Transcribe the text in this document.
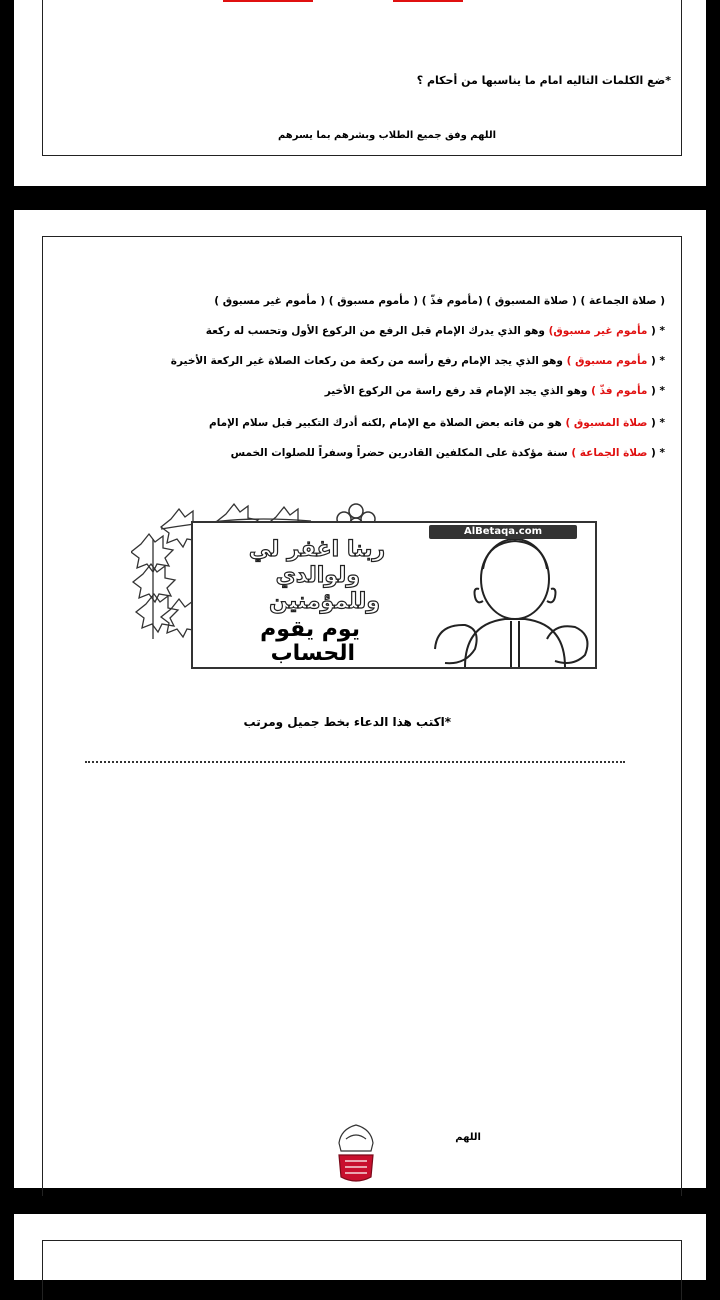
*ضع الكلمات التاليه امام ما يناسبها من أحكام ؟
اللهم وفق جميع الطلاب وبشرهم بما يسرهم
( صلاة الجماعة ) ( صلاة المسبوق ) (مأموم فذّ ) ( مأموم مسبوق ) ( مأموم غير مسبوق )
* ( مأموم غير مسبوق) وهو الذي يدرك الإمام قبل الرفع من الركوع الأول وتحسب له ركعة
* ( مأموم مسبوق ) وهو الذي يجد الإمام رفع رأسه من ركعة من ركعات الصلاة غير الركعة الأخيرة
* ( مأموم فذّ ) وهو الذي يجد الإمام قد رفع راسة من الركوع الأخير
* ( صلاة المسبوق ) هو من فاته بعض الصلاة مع الإمام ,لكنه أدرك التكبير قبل سلام الإمام
* ( صلاة الجماعة ) سنة مؤكدة على المكلفين القادرين حضراً وسفراً للصلوات الخمس
AlBetaqa.com
ربنا اغفر لي
ولوالدي
وللمؤمنين
يوم يقوم
الحساب
*اكتب هذا الدعاء بخط جميل ومرتب
اللهم
